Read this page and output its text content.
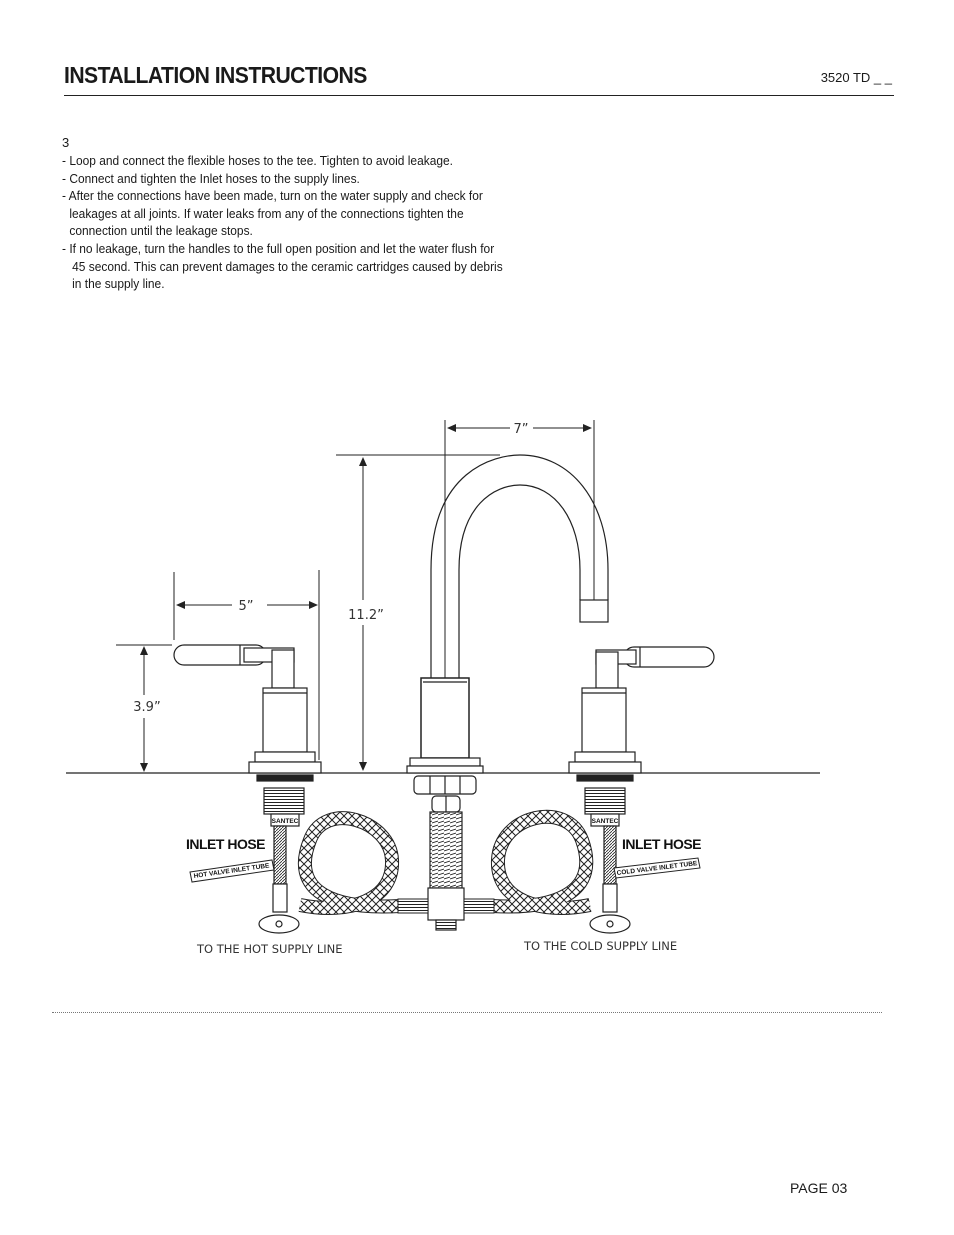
INSTALLATION INSTRUCTIONS	3520 TD _ _
3
- Loop and connect the flexible hoses to the tee. Tighten to avoid leakage.
- Connect and tighten the Inlet hoses to the supply lines.
- After the connections have been made, turn on the water supply and check for
leakages at all joints. If water leaks from any of the connections tighten the
connection until the leakage stops.
- If no leakage, turn the handles to the full open position and let the water flush for
45 second. This can prevent damages to the ceramic cartridges caused by debris
in the supply line.
7”
11.2”
5”
3.9”
SANTEC	SANTEC
INLET HOSE	INLET HOSE
HOT VALVE INLET TUBE	COLD VALVE INLET TUBE
TO THE HOT SUPPLY LINE	TO THE COLD SUPPLY LINE
PAGE 03
